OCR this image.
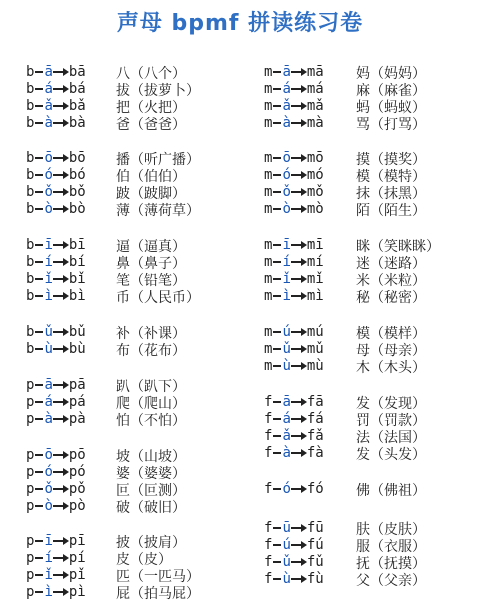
声母 bpmf 拼读练习卷
b ā bā 八 （八个）
b á bá 拔 （拔萝卜）
b ǎ bǎ 把 （火把）
b à bà 爸 （爸爸）
b ō bō 播 （听广播）
b ó bó 伯 （伯伯）
b ǒ bǒ 跛 （跛脚）
b ò bò 薄 （薄荷草）
b ī bī 逼 （逼真）
b í bí 鼻 （鼻子）
b ǐ bǐ 笔 （铅笔）
b ì bì 币 （人民币）
b ǔ bǔ 补 （补课）
b ù bù 布 （花布）
p ā pā 趴 （趴下）
p á pá 爬 （爬山）
p à pà 怕 （不怕）
p ō pō 坡 （山坡）
p ó pó 婆 （婆婆）
p ǒ pǒ 叵 （叵测）
p ò pò 破 （破旧）
p ī pī 披 （披肩）
p í pí 皮 （皮）
p ǐ pǐ 匹 （一匹马）
p ì pì 屁 （拍马屁）
m ā mā 妈 （妈妈）
m á má 麻 （麻雀）
m ǎ mǎ 蚂 （蚂蚁）
m à mà 骂 （打骂）
m ō mō 摸 （摸奖）
m ó mó 模 （模特）
m ǒ mǒ 抹 （抹黑）
m ò mò 陌 （陌生）
m ī mī 眯 （笑眯眯）
m í mí 迷 （迷路）
m ǐ mǐ 米 （米粒）
m ì mì 秘 （秘密）
m ú mú 模 （模样）
m ǔ mǔ 母 （母亲）
m ù mù 木 （木头）
f ā fā 发 （发现）
f á fá 罚 （罚款）
f ǎ fǎ 法 （法国）
f à fà 发 （头发）
f ó fó 佛 （佛祖）
f ū fū 肤 （皮肤）
f ú fú 服 （衣服）
f ǔ fǔ 抚 （抚摸）
f ù fù 父 （父亲）
